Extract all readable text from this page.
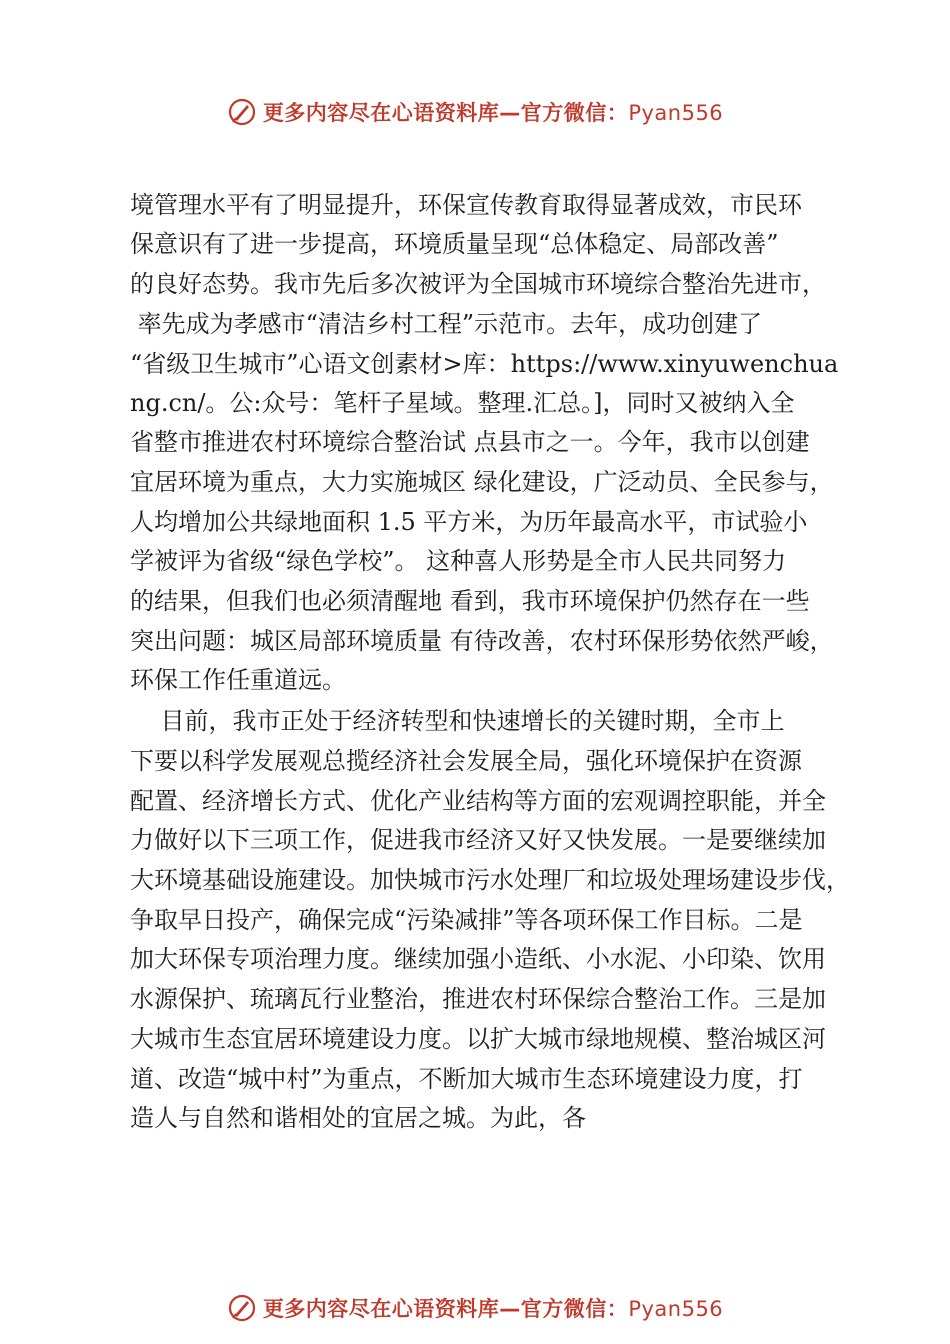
更多内容尽在心语资料库—官方微信：Pyan556
境管理水平有了明显提升，环保宣传教育取得显著成效，市民环
保意识有了进一步提高，环境质量呈现“总体稳定、局部改善”
的良好态势。我市先后多次被评为全国城市环境综合整治先进市，
率先成为孝感市“清洁乡村工程”示范市。去年，成功创建了
“省级卫生城市”心语文创素材>库：https://www.xinyuwenchua
ng.cn/。公:众号：笔杆子星域。整理.汇总。]，同时又被纳入全
省整市推进农村环境综合整治试 点县市之一。今年，我市以创建
宜居环境为重点，大力实施城区 绿化建设，广泛动员、全民参与，
人均增加公共绿地面积 1.5 平方米，为历年最高水平，市试验小
学被评为省级“绿色学校”。 这种喜人形势是全市人民共同努力
的结果，但我们也必须清醒地 看到，我市环境保护仍然存在一些
突出问题：城区局部环境质量 有待改善，农村环保形势依然严峻，
环保工作任重道远。
目前，我市正处于经济转型和快速增长的关键时期，全市上
下要以科学发展观总揽经济社会发展全局，强化环境保护在资源
配置、经济增长方式、优化产业结构等方面的宏观调控职能，并全
力做好以下三项工作，促进我市经济又好又快发展。一是要继续加
大环境基础设施建设。加快城市污水处理厂和垃圾处理场建设步伐，
争取早日投产，确保完成“污染减排”等各项环保工作目标。二是
加大环保专项治理力度。继续加强小造纸、小水泥、小印染、饮用
水源保护、琉璃瓦行业整治，推进农村环保综合整治工作。三是加
大城市生态宜居环境建设力度。以扩大城市绿地规模、整治城区河
道、改造“城中村”为重点，不断加大城市生态环境建设力度，打
造人与自然和谐相处的宜居之城。为此，各
更多内容尽在心语资料库—官方微信：Pyan556
